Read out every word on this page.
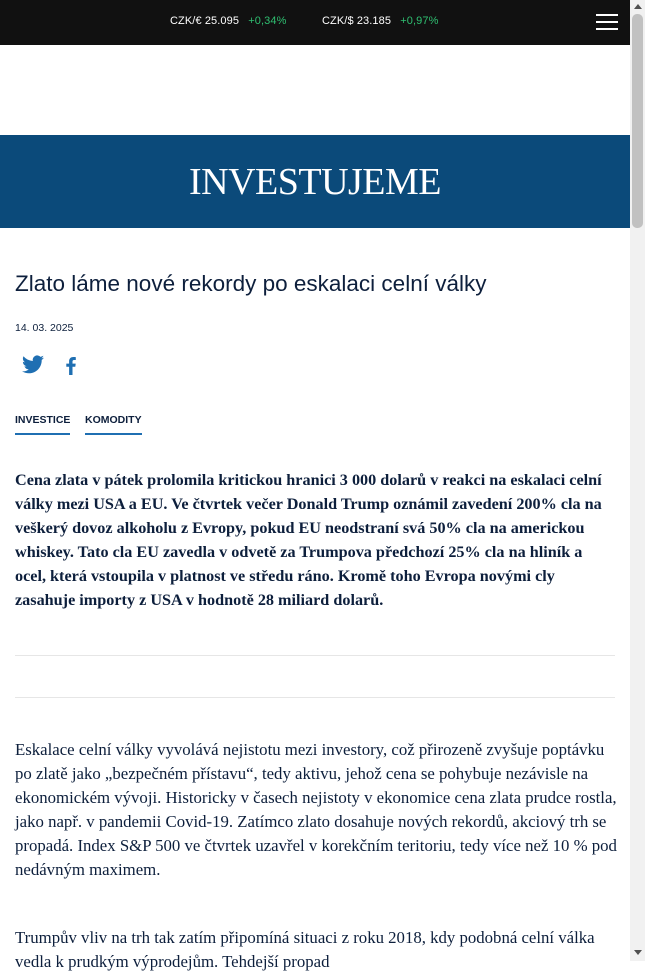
CZK/€ 25.095 +0,34%	CZK/$ 23.185 +0,97%
INVESTUJEME
Zlato láme nové rekordy po eskalaci celní války
14. 03. 2025
INVESTICE KOMODITY

Cena zlata v pátek prolomila kritickou hranici 3 000 dolarů v reakci na eskalaci celní války mezi USA a EU. Ve čtvrtek večer Donald Trump oznámil zavedení 200% cla na veškerý dovoz alkoholu z Evropy, pokud EU neodstraní svá 50% cla na americkou whiskey. Tato cla EU zavedla v odvetě za Trumpova předchozí 25% cla na hliník a ocel, která vstoupila v platnost ve středu ráno. Kromě toho Evropa novými cly zasahuje importy z USA v hodnotě 28 miliard dolarů.

Eskalace celní války vyvolává nejistotu mezi investory, což přirozeně zvyšuje poptávku po zlatě jako „bezpečném přístavu“, tedy aktivu, jehož cena se pohybuje nezávisle na ekonomickém vývoji. Historicky v časech nejistoty v ekonomice cena zlata prudce rostla, jako např. v pandemii Covid-19. Zatímco zlato dosahuje nových rekordů, akciový trh se propadá. Index S&P 500 ve čtvrtek uzavřel v korekčním teritoriu, tedy více než 10 % pod nedávným maximem.

Trumpův vliv na trh tak zatím připomíná situaci z roku 2018, kdy podobná celní válka vedla k prudkým výprodejům. Tehdejší propad
